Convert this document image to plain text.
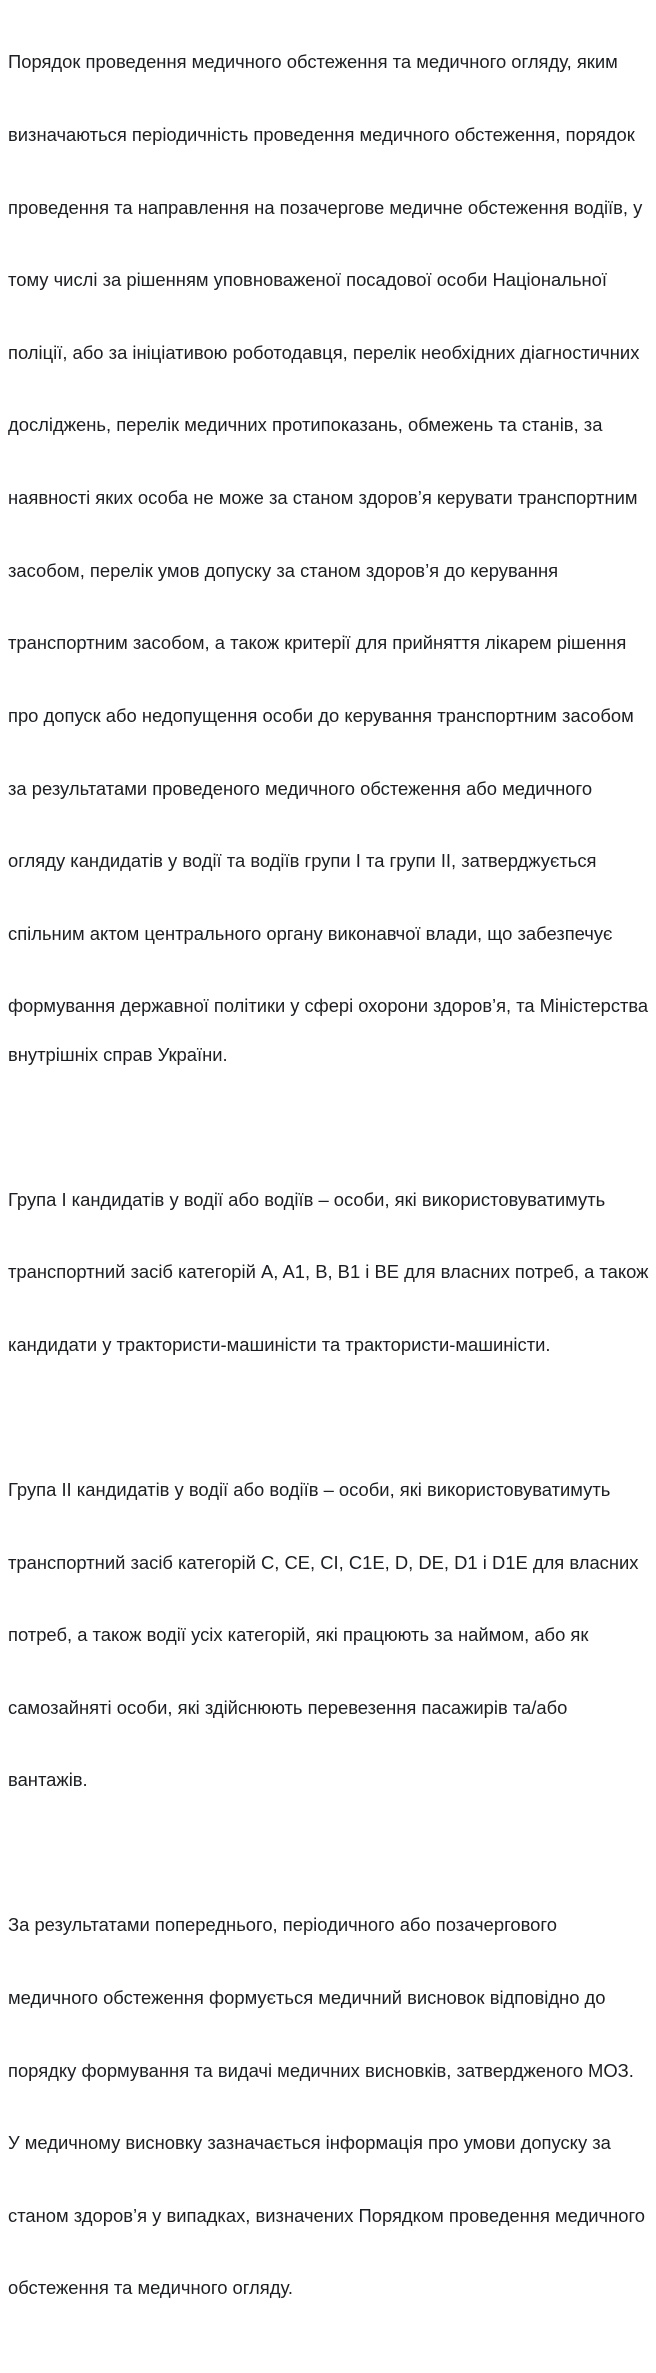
Порядок проведення медичного обстеження та медичного огляду, яким

визначаються періодичність проведення медичного обстеження, порядок

проведення та направлення на позачергове медичне обстеження водіїв, у

тому числі за рішенням уповноваженої посадової особи Національної

поліції, або за ініціативою роботодавця, перелік необхідних діагностичних

досліджень, перелік медичних протипоказань, обмежень та станів, за

наявності яких особа не може за станом здоров’я керувати транспортним

засобом, перелік умов допуску за станом здоров’я до керування

транспортним засобом, а також критерії для прийняття лікарем рішення

про допуск або недопущення особи до керування транспортним засобом

за результатами проведеного медичного обстеження або медичного

огляду кандидатів у водії та водіїв групи I та групи II, затверджується

спільним актом центрального органу виконавчої влади, що забезпечує

формування державної політики у сфері охорони здоров’я, та Міністерства

внутрішніх справ України.

Група I кандидатів у водії або водіїв – особи, які використовуватимуть

транспортний засіб категорій A, A1, B, B1 і BE для власних потреб, а також

кандидати у трактористи-машиністи та трактористи-машиністи.

Група II кандидатів у водії або водіїв – особи, які використовуватимуть

транспортний засіб категорій C, CE, CI, C1E, D, DE, D1 і D1E для власних

потреб, а також водії усіх категорій, які працюють за наймом, або як

самозайняті особи, які здійснюють перевезення пасажирів та/або

вантажів.

За результатами попереднього, періодичного або позачергового

медичного обстеження формується медичний висновок відповідно до

порядку формування та видачі медичних висновків, затвердженого МОЗ.

У медичному висновку зазначається інформація про умови допуску за

станом здоров’я у випадках, визначених Порядком проведення медичного

обстеження та медичного огляду.
